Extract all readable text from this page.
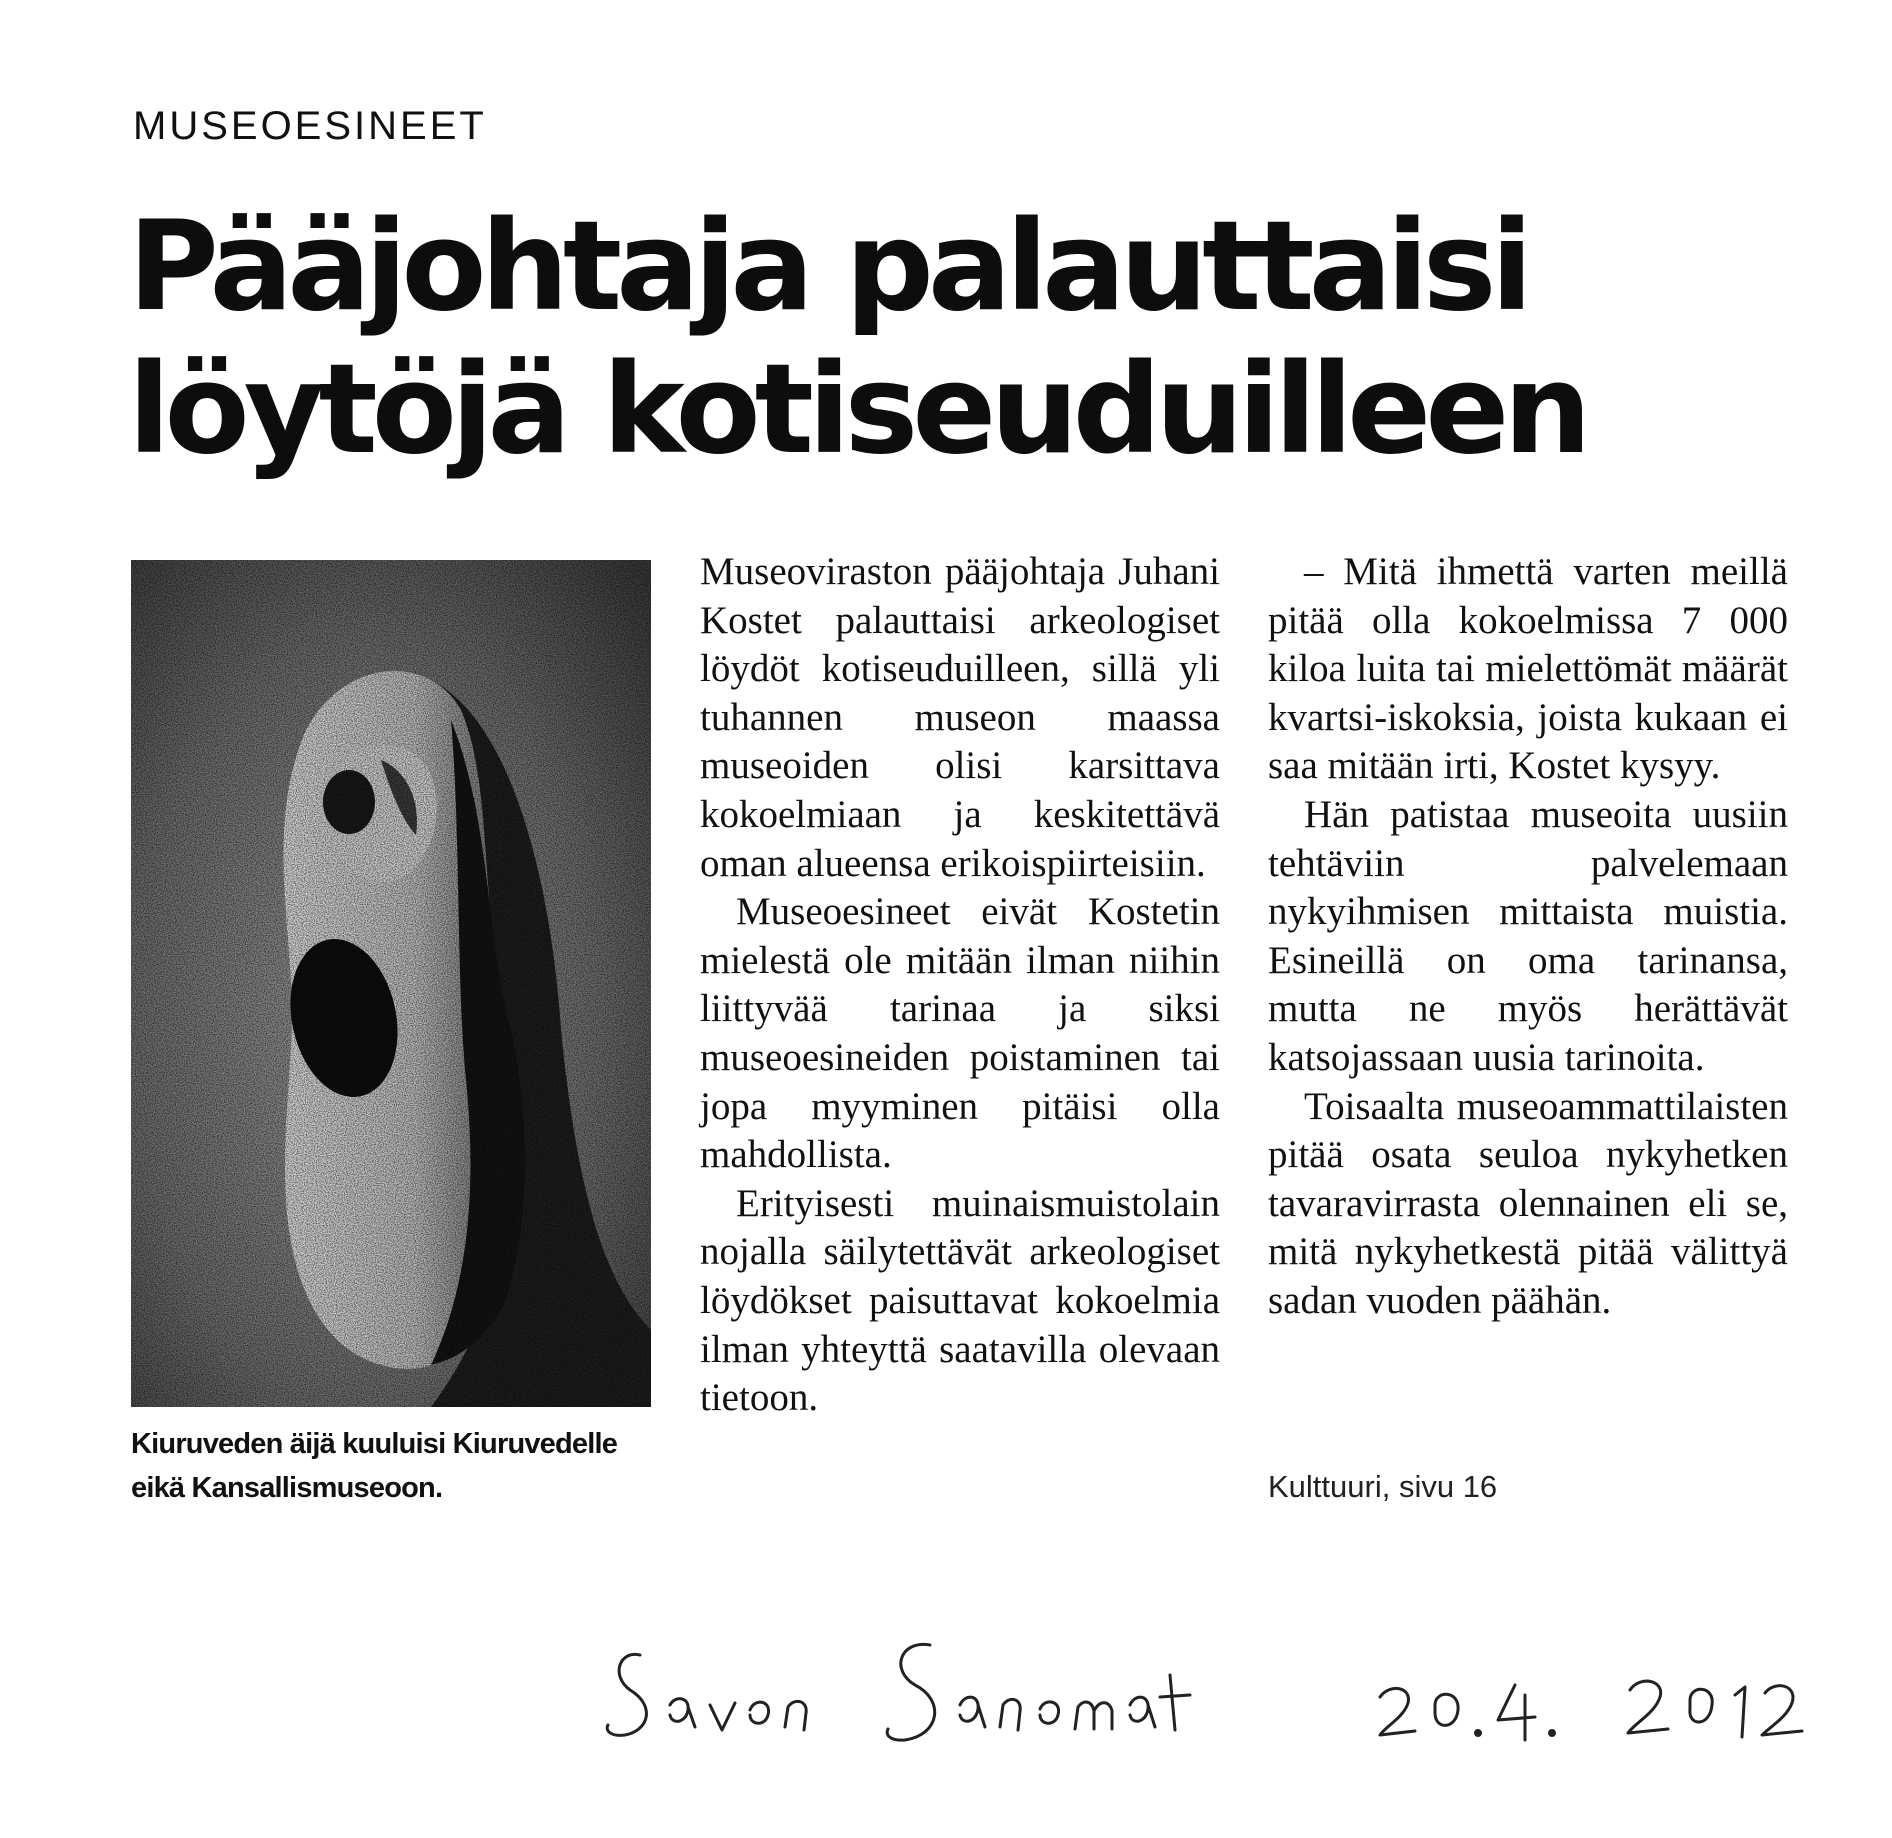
MUSEOESINEET
Pääjohtaja palauttaisi
löytöjä kotiseuduilleen
Kiuruveden äijä kuuluisi Kiuruvedelle eikä Kansallismuseoon.

Museoviraston pääjohtaja Juhani Kostet palauttaisi arkeologiset löydöt kotiseuduilleen, sillä yli tuhannen museon maassa museoiden olisi karsittava kokoelmiaan ja keskitettävä oman alueensa erikoispiirteisiin.

Museoesineet eivät Kostetin mielestä ole mitään ilman niihin liittyvää tarinaa ja siksi museoesineiden poistaminen tai jopa myyminen pitäisi olla mahdollista.

Erityisesti muinaismuistolain nojalla säilytettävät arkeologiset löydökset paisuttavat kokoelmia ilman yhteyttä saatavilla olevaan tietoon.

– Mitä ihmettä varten meillä pitää olla kokoelmissa 7 000 kiloa luita tai mielettömät määrät kvartsi-iskoksia, joista kukaan ei saa mitään irti, Kostet kysyy.

Hän patistaa museoita uusiin tehtäviin palvelemaan nykyihmisen mittaista muistia. Esineillä on oma tarinansa, mutta ne myös herättävät katsojassaan uusia tarinoita.

Toisaalta museoammattilaisten pitää osata seuloa nykyhetken tavaravirrasta olennainen eli se, mitä nykyhetkestä pitää välittyä sadan vuoden päähän.

Kulttuuri, sivu 16
